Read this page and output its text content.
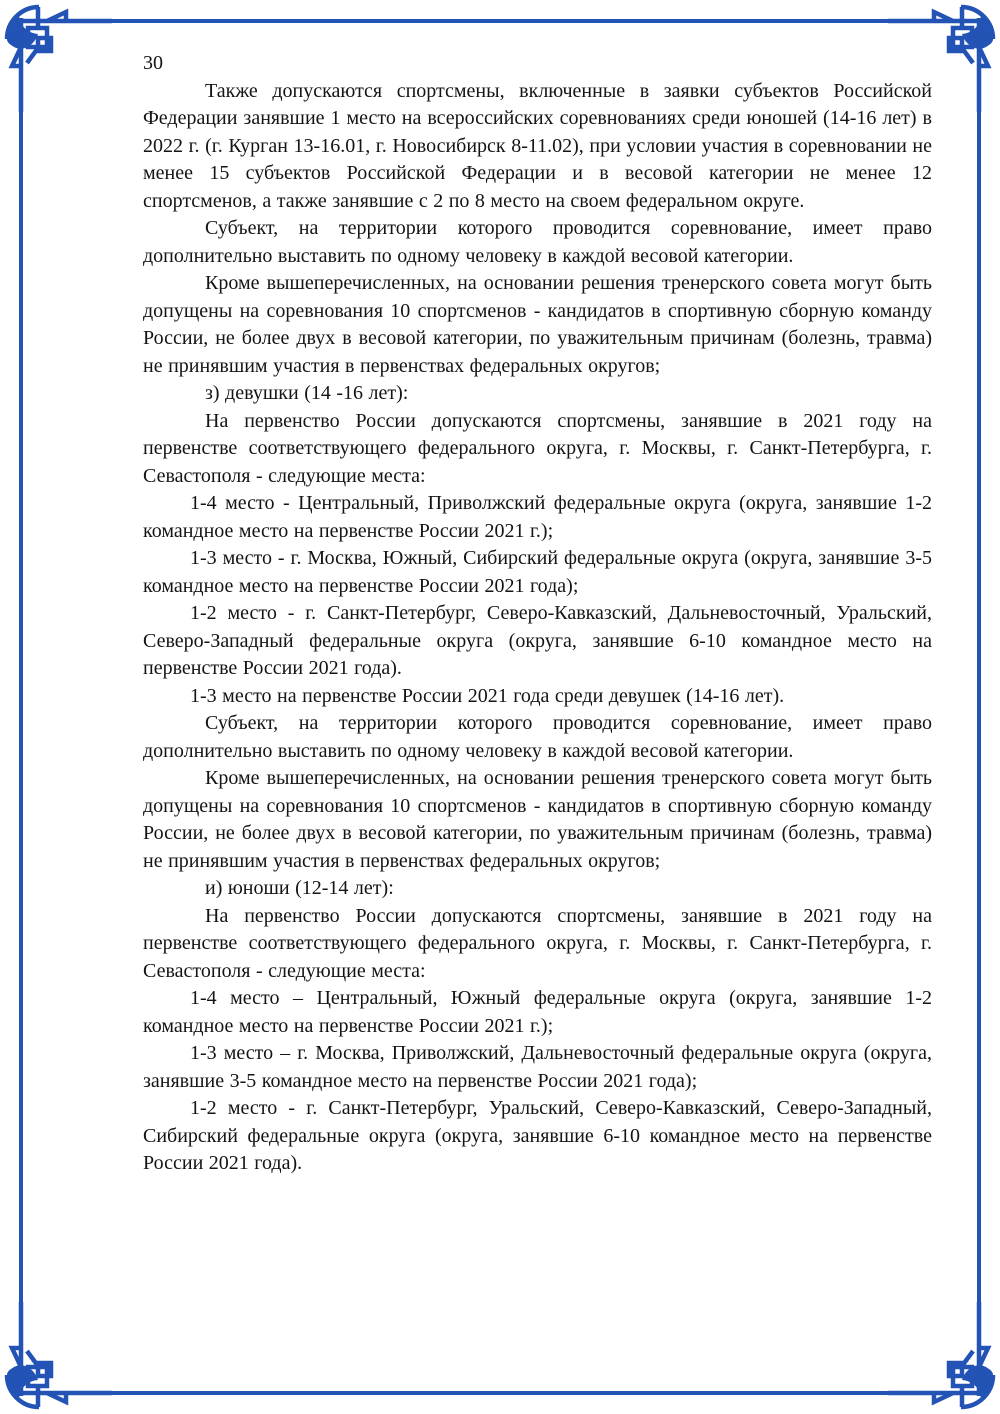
30

Также допускаются спортсмены, включенные в заявки субъектов Российской Федерации занявшие 1 место на всероссийских соревнованиях среди юношей (14-16 лет) в 2022 г. (г. Курган 13-16.01, г. Новосибирск 8-11.02), при условии участия в соревновании не менее 15 субъектов Российской Федерации и в весовой категории не менее 12 спортсменов, а также занявшие с 2 по 8 место на своем федеральном округе.

Субъект, на территории которого проводится соревнование, имеет право дополнительно выставить по одному человеку в каждой весовой категории.

Кроме вышеперечисленных, на основании решения тренерского совета могут быть допущены на соревнования 10 спортсменов - кандидатов в спортивную сборную команду России, не более двух в весовой категории, по уважительным причинам (болезнь, травма) не принявшим участия в первенствах федеральных округов;

з) девушки (14 -16 лет):

На первенство России допускаются спортсмены, занявшие в 2021 году на первенстве соответствующего федерального округа, г. Москвы, г. Санкт-Петербурга, г. Севастополя - следующие места:

1-4 место - Центральный, Приволжский федеральные округа (округа, занявшие 1-2 командное место на первенстве России 2021 г.);

1-3 место - г. Москва, Южный, Сибирский федеральные округа (округа, занявшие 3-5 командное место на первенстве России 2021 года);

1-2 место - г. Санкт-Петербург, Северо-Кавказский, Дальневосточный, Уральский, Северо-Западный федеральные округа (округа, занявшие 6-10 командное место на первенстве России 2021 года).

1-3 место на первенстве России 2021 года среди девушек (14-16 лет).

Субъект, на территории которого проводится соревнование, имеет право дополнительно выставить по одному человеку в каждой весовой категории.

Кроме вышеперечисленных, на основании решения тренерского совета могут быть допущены на соревнования 10 спортсменов - кандидатов в спортивную сборную команду России, не более двух в весовой категории, по уважительным причинам (болезнь, травма) не принявшим участия в первенствах федеральных округов;

и) юноши (12-14 лет):

На первенство России допускаются спортсмены, занявшие в 2021 году на первенстве соответствующего федерального округа, г. Москвы, г. Санкт-Петербурга, г. Севастополя - следующие места:

1-4 место – Центральный, Южный федеральные округа (округа, занявшие 1-2 командное место на первенстве России 2021 г.);

1-3 место – г. Москва, Приволжский, Дальневосточный федеральные округа (округа, занявшие 3-5 командное место на первенстве России 2021 года);

1-2 место - г. Санкт-Петербург, Уральский, Северо-Кавказский, Северо-Западный, Сибирский федеральные округа (округа, занявшие 6-10 командное место на первенстве России 2021 года).
